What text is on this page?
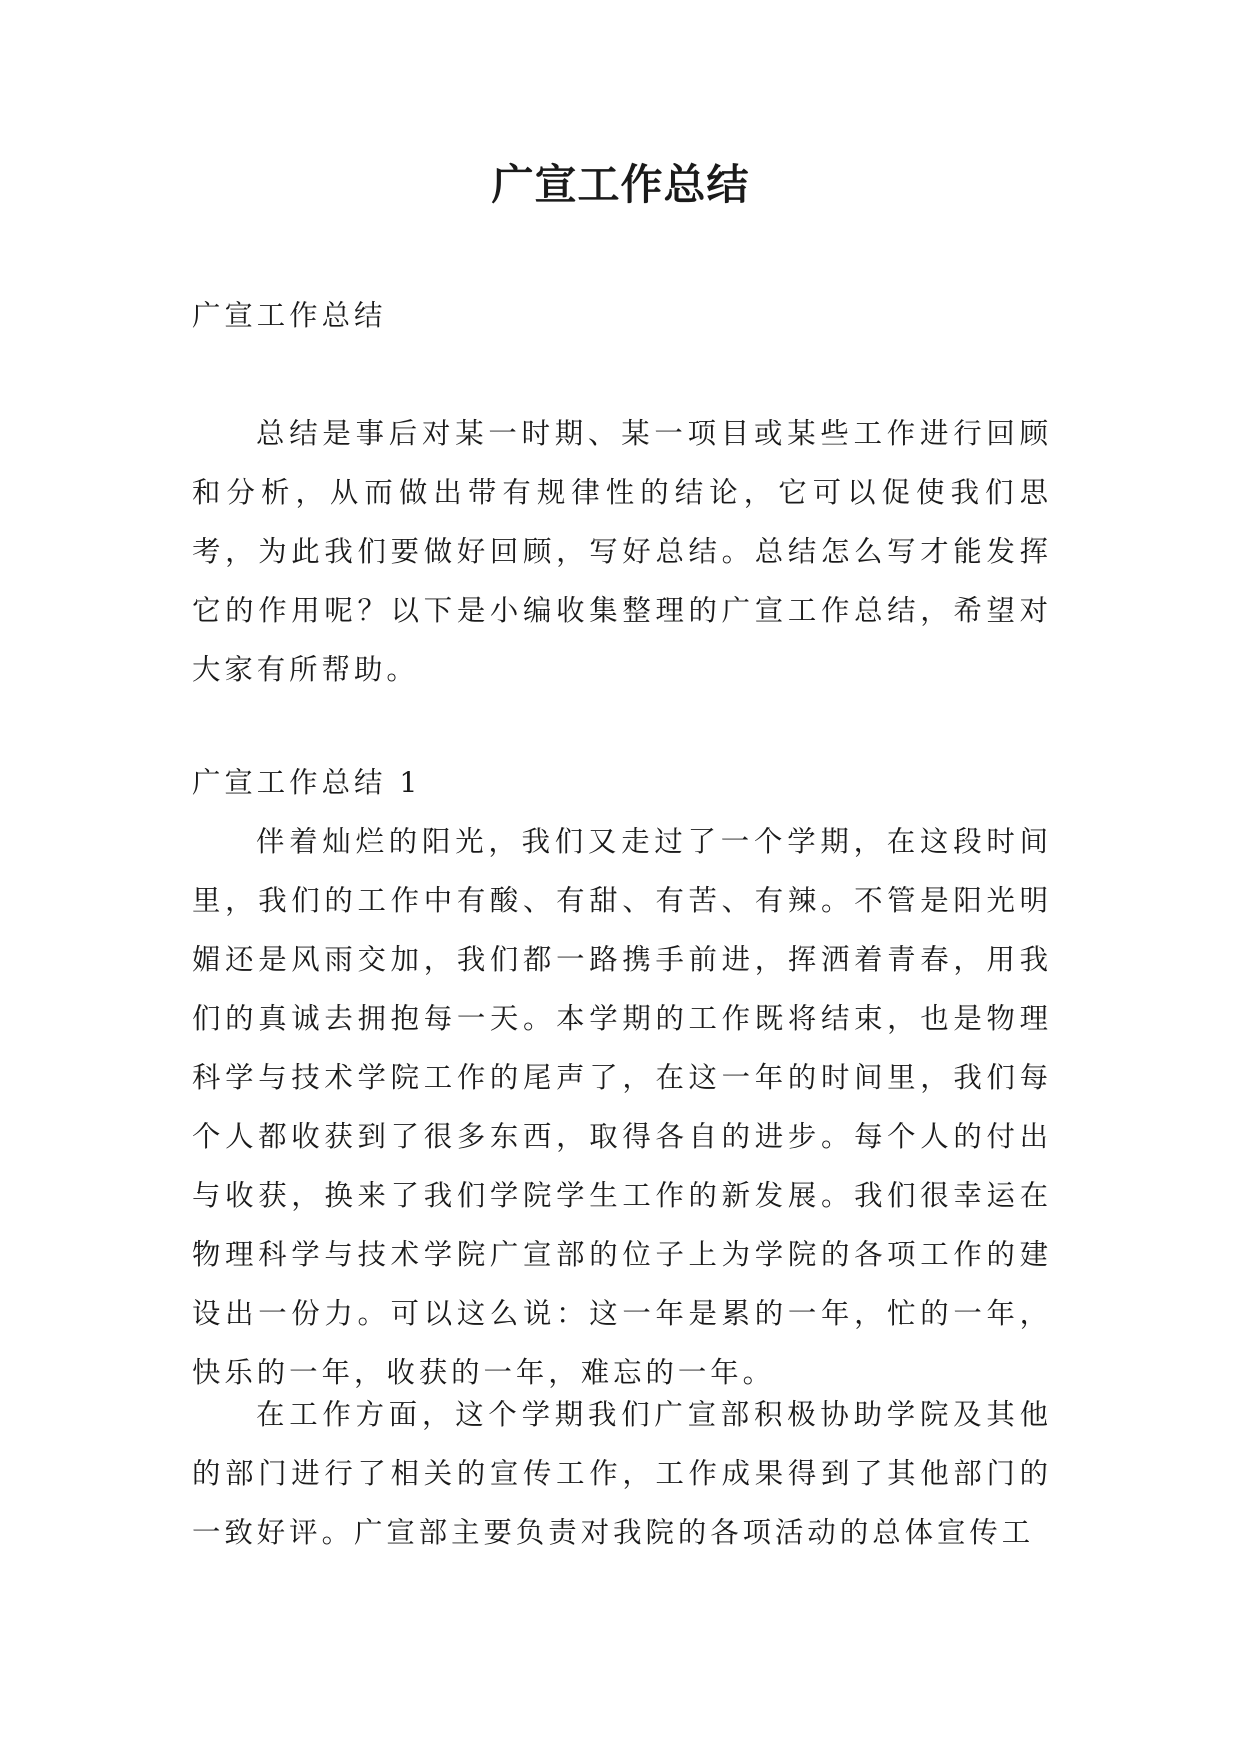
广宣工作总结

广宣工作总结

总结是事后对某一时期、某一项目或某些工作进行回顾和分析，从而做出带有规律性的结论，它可以促使我们思考，为此我们要做好回顾，写好总结。总结怎么写才能发挥它的作用呢？以下是小编收集整理的广宣工作总结，希望对大家有所帮助。

广宣工作总结 1

伴着灿烂的阳光，我们又走过了一个学期，在这段时间里，我们的工作中有酸、有甜、有苦、有辣。不管是阳光明媚还是风雨交加，我们都一路携手前进，挥洒着青春，用我们的真诚去拥抱每一天。本学期的工作既将结束，也是物理科学与技术学院工作的尾声了，在这一年的时间里，我们每个人都收获到了很多东西，取得各自的进步。每个人的付出与收获，换来了我们学院学生工作的新发展。我们很幸运在物理科学与技术学院广宣部的位子上为学院的各项工作的建设出一份力。可以这么说：这一年是累的一年，忙的一年，快乐的一年，收获的一年，难忘的一年。

在工作方面，这个学期我们广宣部积极协助学院及其他的部门进行了相关的宣传工作，工作成果得到了其他部门的一致好评。广宣部主要负责对我院的各项活动的总体宣传工
